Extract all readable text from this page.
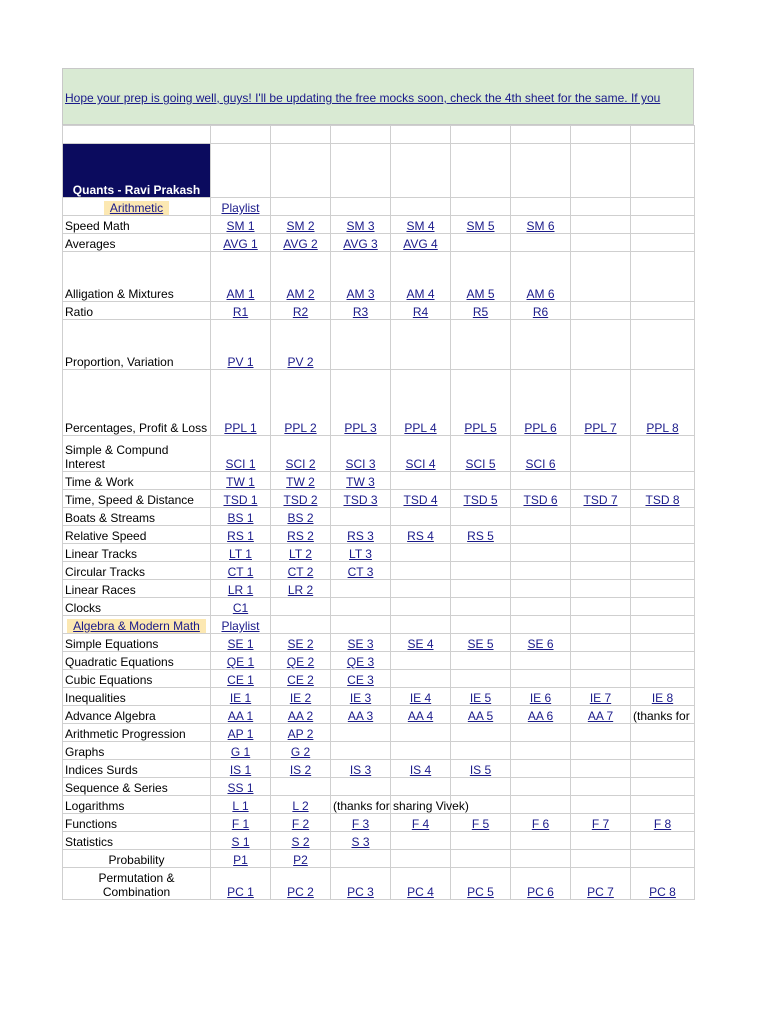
Hope your prep is going well, guys! I'll be updating the free mocks soon, check the 4th sheet for the same. If you

Quants - Ravi Prakash								
Arithmetic	Playlist							
Speed Math	SM 1	SM 2	SM 3	SM 4	SM 5	SM 6		
Averages	AVG 1	AVG 2	AVG 3	AVG 4				
Alligation & Mixtures	AM 1	AM 2	AM 3	AM 4	AM 5	AM 6		
Ratio	R1	R2	R3	R4	R5	R6		
Proportion, Variation	PV 1	PV 2						
Percentages, Profit & Loss	PPL 1	PPL 2	PPL 3	PPL 4	PPL 5	PPL 6	PPL 7	PPL 8
Simple & Compund Interest	SCI 1	SCI 2	SCI 3	SCI 4	SCI 5	SCI 6		
Time & Work	TW 1	TW 2	TW 3					
Time, Speed & Distance	TSD 1	TSD 2	TSD 3	TSD 4	TSD 5	TSD 6	TSD 7	TSD 8
Boats & Streams	BS 1	BS 2						
Relative Speed	RS 1	RS 2	RS 3	RS 4	RS 5			
Linear Tracks	LT 1	LT 2	LT 3					
Circular Tracks	CT 1	CT 2	CT 3					
Linear Races	LR 1	LR 2						
Clocks	C1							
Algebra & Modern Math	Playlist							
Simple Equations	SE 1	SE 2	SE 3	SE 4	SE 5	SE 6		
Quadratic Equations	QE 1	QE 2	QE 3					
Cubic Equations	CE 1	CE 2	CE 3					
Inequalities	IE 1	IE 2	IE 3	IE 4	IE 5	IE 6	IE 7	IE 8
Advance Algebra	AA 1	AA 2	AA 3	AA 4	AA 5	AA 6	AA 7	(thanks for
Arithmetic Progression	AP 1	AP 2						
Graphs	G 1	G 2						
Indices Surds	IS 1	IS 2	IS 3	IS 4	IS 5			
Sequence & Series	SS 1							
Logarithms	L 1	L 2	(thanks for sharing Vivek)					
Functions	F 1	F 2	F 3	F 4	F 5	F 6	F 7	F 8
Statistics	S 1	S 2	S 3					
Probability	P1	P2						
Permutation & Combination	PC 1	PC 2	PC 3	PC 4	PC 5	PC 6	PC 7	PC 8
